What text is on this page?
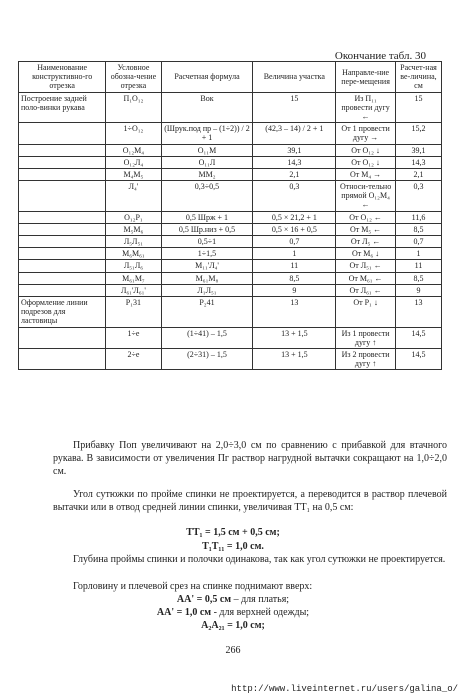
Окончание табл. 30
Наименование конструктивно-го отрезка	Условное обозна-чение отрезка	Расчетная формула	Величина участка	Направле-ние пере-мещения	Расчет-ная ве-личина, см
Построение задней поло-винки рукава	П₁О₁₂	Вок	15	Из П₁₁ провести дугу ←	15
	1÷О₁₂	(Шрук.под пр – (1÷2)) / 2 + 1	(42,3 – 14) / 2 + 1	От 1 провести дугу →	15,2
	О₁₂М₄	О₁₁М	39,1	От О₁₂ ↓	39,1
	О₁₂Л₄	О₁₁Л	14,3	От О₁₂ ↓	14,3
	М₄М₅	ММ₂	2,1	От М₄ →	2,1
	Л₄'	0,3÷0,5	0,3	Относи-тельно прямой О₁₂М₄ ←	0,3
	О₁₂Р₁	0,5 Шрж + 1	0,5 × 21,2 + 1	От О₁₂ ←	11,6
	М₅М₆	0,5 Шр.низ + 0,5	0,5 × 16 + 0,5	От М₅ ←	8,5
	Л₅Л₅₁	0,5÷1	0,7	От Л₅ ←	0,7
	М₆М₆₁	1÷1,5	1	От М₆ ↓	1
	Л₅₁Л₆	М₁₁'Л₄'	11	От Л₅₁ ←	11
	М₆₁М₇	М₆₁М₈	8,5	От М₆₁ ←	8,5
	Л₆₁'Л₆₁'	Л₁Л₅₁	9	От Л₆₁ ←	9
Оформление линии подрезов для ластовицы	Р₁31	Р₂41	13	От Р₁ ↓	13
	1÷е	(1÷41) – 1,5	13 + 1,5	Из 1 провести дугу ↑	14,5
	2÷е	(2÷31) – 1,5	13 + 1,5	Из 2 провести дугу ↑	14,5
Прибавку Поп увеличивают на 2,0÷3,0 см по сравнению с прибавкой для втачного рукава. В зависимости от увеличения Пг раствор нагрудной вытачки сокращают на 1,0÷2,0 см.
Угол сутюжки по пройме спинки не проектируется, а переводится в раствор плечевой вытачки или в отвод средней линии спинки, увеличивая ТТ₁ на 0,5 см:
ТТ₁ = 1,5 см + 0,5 см;
Т₁Т₁₁ = 1,0 см.
Глубина проймы спинки и полочки одинакова, так как угол сутюжки не проектируется.
Горловину и плечевой срез на спинке поднимают вверх:
АА' = 0,5 см – для платья;
АА' = 1,0 см - для верхней одежды;
А₂А₂₁ = 1,0 см;
266
http://www.liveinternet.ru/users/galina_o/
